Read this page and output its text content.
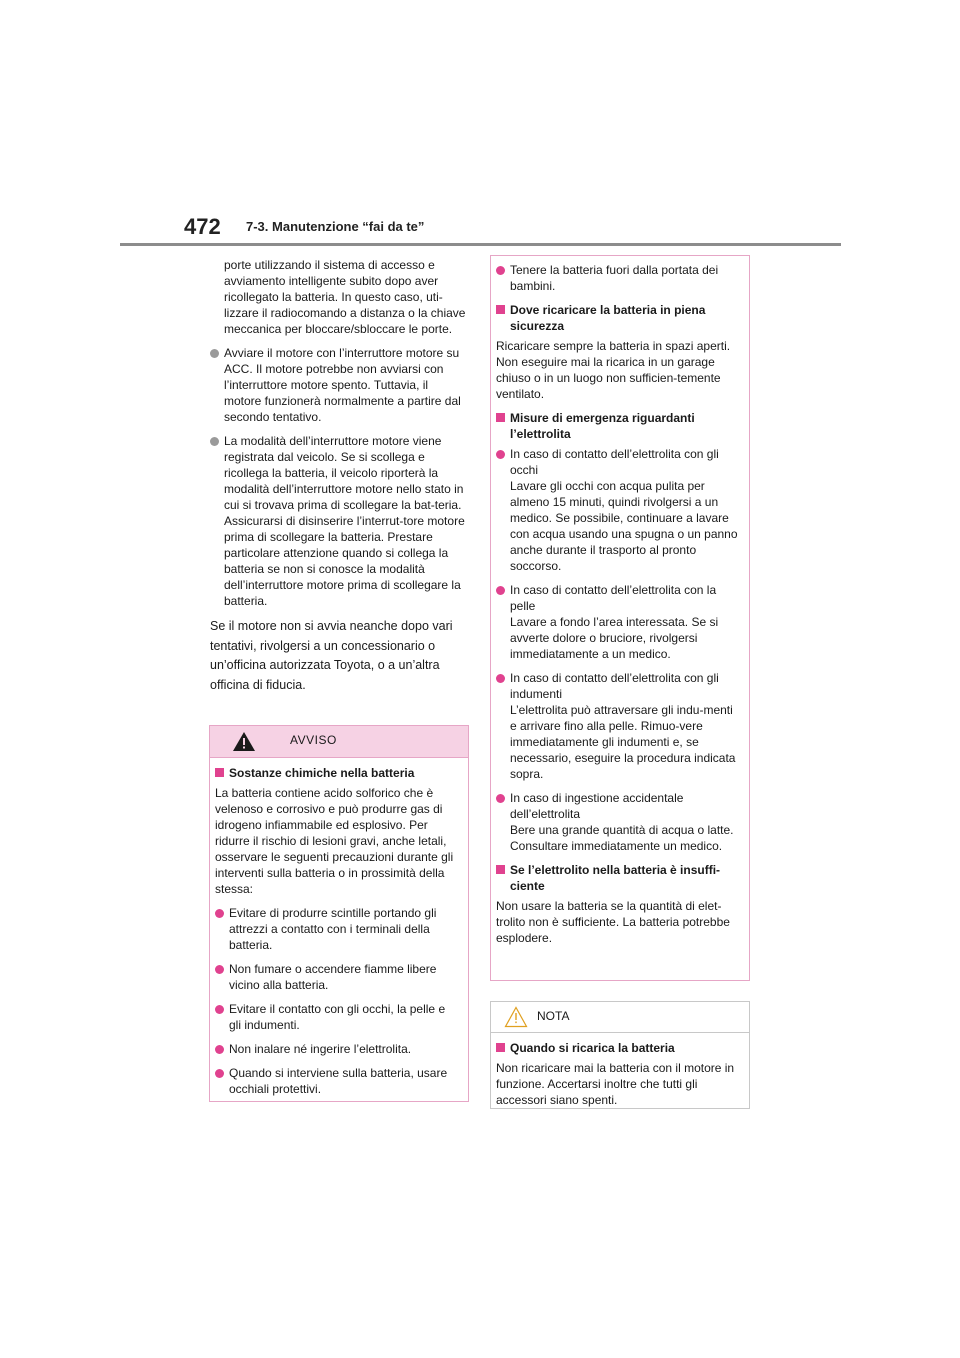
472 7-3. Manutenzione “fai da te”

porte utilizzando il sistema di accesso e avviamento intelligente subito dopo aver ricollegato la batteria. In questo caso, uti-lizzare il radiocomando a distanza o la chiave meccanica per bloccare/sbloccare le porte.

Avviare il motore con l’interruttore motore su ACC. Il motore potrebbe non avviarsi con l’interruttore motore spento. Tuttavia, il motore funzionerà normalmente a partire dal secondo tentativo.

La modalità dell’interruttore motore viene registrata dal veicolo. Se si scollega e ricollega la batteria, il veicolo riporterà la modalità dell’interruttore motore nello stato in cui si trovava prima di scollegare la bat-teria. Assicurarsi di disinserire l’interrut-tore motore prima di scollegare la batteria. Prestare particolare attenzione quando si collega la batteria se non si conosce la modalità dell’interruttore motore prima di scollegare la batteria.

Se il motore non si avvia neanche dopo vari tentativi, rivolgersi a un concessionario o un’officina autorizzata Toyota, o a un’altra officina di fiducia.

AVVISO

Sostanze chimiche nella batteria

La batteria contiene acido solforico che è velenoso e corrosivo e può produrre gas di idrogeno infiammabile ed esplosivo. Per ridurre il rischio di lesioni gravi, anche letali, osservare le seguenti precauzioni durante gli interventi sulla batteria o in prossimità della stessa:

Evitare di produrre scintille portando gli attrezzi a contatto con i terminali della batteria.

Non fumare o accendere fiamme libere vicino alla batteria.

Evitare il contatto con gli occhi, la pelle e gli indumenti.

Non inalare né ingerire l’elettrolita.

Quando si interviene sulla batteria, usare occhiali protettivi.

Tenere la batteria fuori dalla portata dei bambini.

Dove ricaricare la batteria in piena sicurezza

Ricaricare sempre la batteria in spazi aperti. Non eseguire mai la ricarica in un garage chiuso o in un luogo non sufficien-temente ventilato.

Misure di emergenza riguardanti l’elettrolita

In caso di contatto dell’elettrolita con gli occhi
Lavare gli occhi con acqua pulita per almeno 15 minuti, quindi rivolgersi a un medico. Se possibile, continuare a lavare con acqua usando una spugna o un panno anche durante il trasporto al pronto soccorso.
In caso di contatto dell’elettrolita con la pelle
Lavare a fondo l’area interessata. Se si avverte dolore o bruciore, rivolgersi immediatamente a un medico.
In caso di contatto dell’elettrolita con gli indumenti
L’elettrolita può attraversare gli indu-menti e arrivare fino alla pelle. Rimuo-vere immediatamente gli indumenti e, se necessario, eseguire la procedura indicata sopra.
In caso di ingestione accidentale dell’elettrolita
Bere una grande quantità di acqua o latte. Consultare immediatamente un medico.

Se l’elettrolito nella batteria è insuffi-ciente

Non usare la batteria se la quantità di elet-trolito non è sufficiente. La batteria potrebbe esplodere.

NOTA

Quando si ricarica la batteria

Non ricaricare mai la batteria con il motore in funzione. Accertarsi inoltre che tutti gli accessori siano spenti.
